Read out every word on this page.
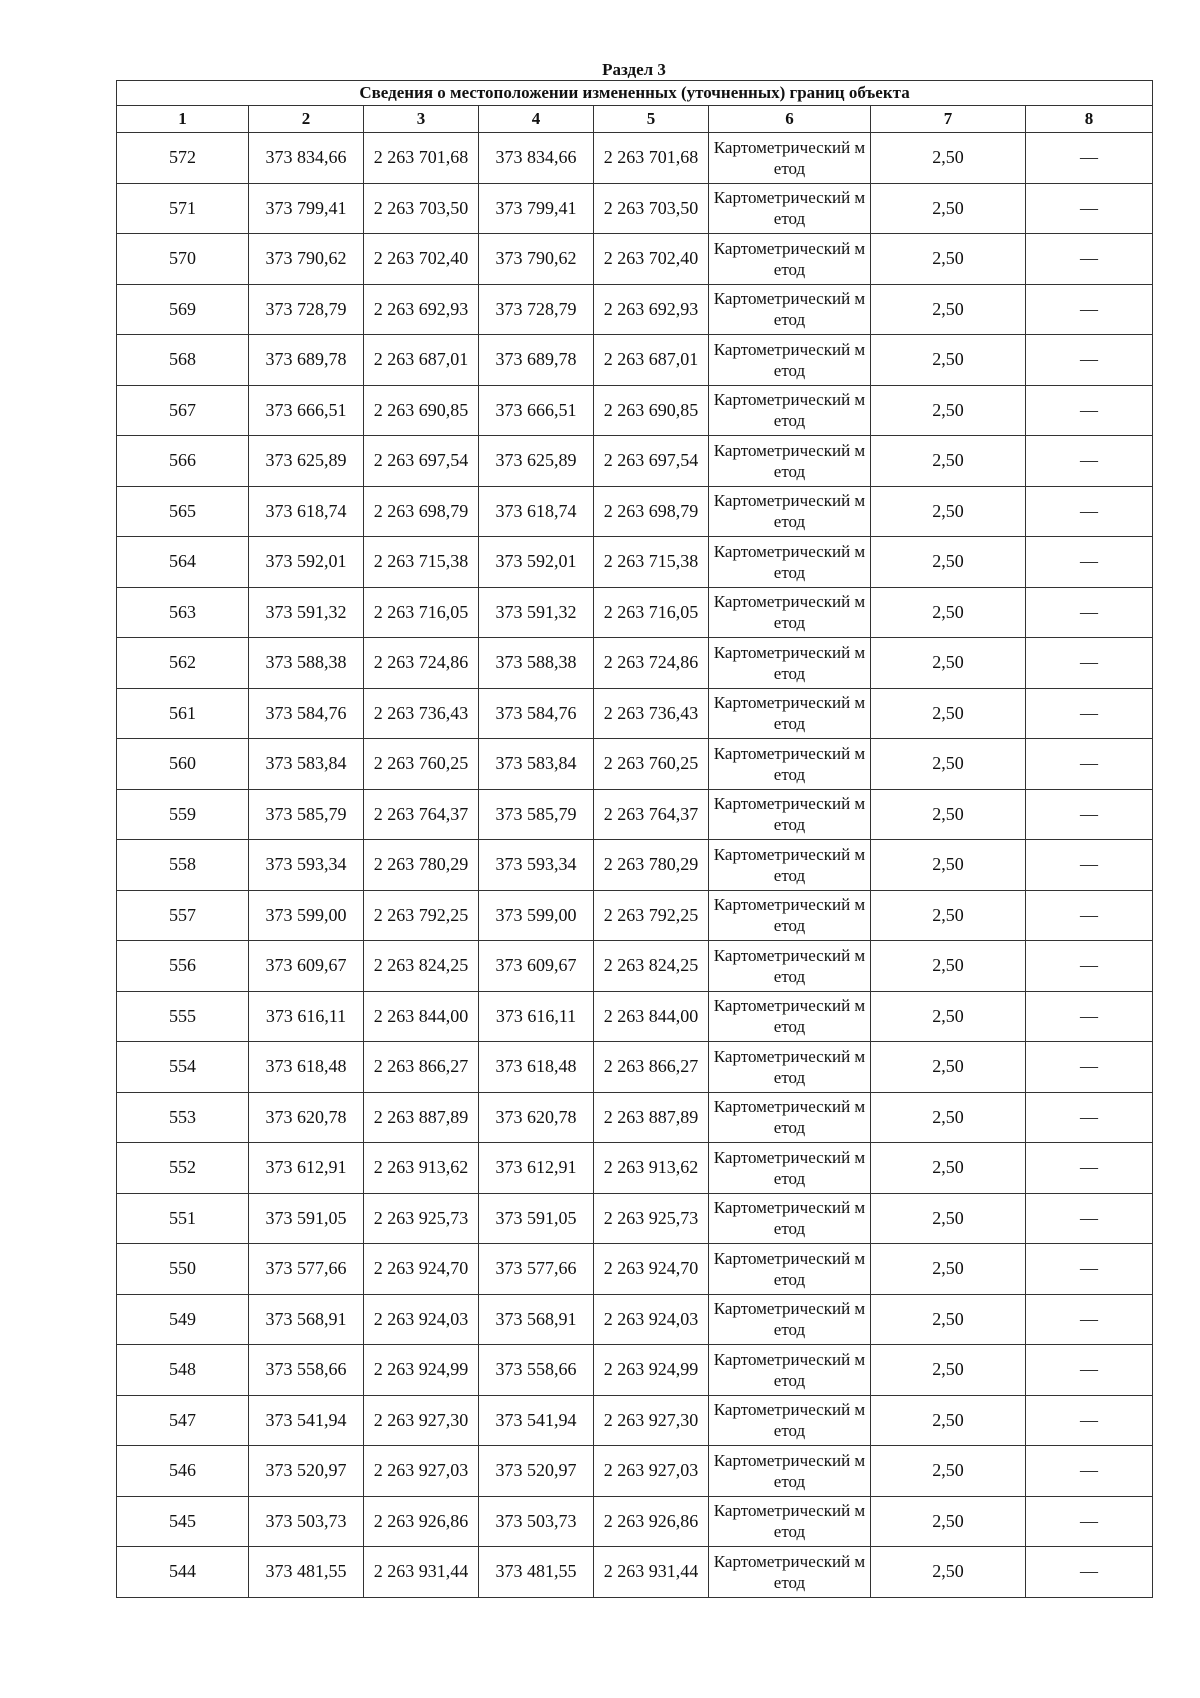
Раздел 3
Сведения о местоположении измененных (уточненных) границ объекта							
1	2	3	4	5	6	7	8
572	373 834,66	2 263 701,68	373 834,66	2 263 701,68	Картометрический метод	2,50	—
571	373 799,41	2 263 703,50	373 799,41	2 263 703,50	Картометрический метод	2,50	—
570	373 790,62	2 263 702,40	373 790,62	2 263 702,40	Картометрический метод	2,50	—
569	373 728,79	2 263 692,93	373 728,79	2 263 692,93	Картометрический метод	2,50	—
568	373 689,78	2 263 687,01	373 689,78	2 263 687,01	Картометрический метод	2,50	—
567	373 666,51	2 263 690,85	373 666,51	2 263 690,85	Картометрический метод	2,50	—
566	373 625,89	2 263 697,54	373 625,89	2 263 697,54	Картометрический метод	2,50	—
565	373 618,74	2 263 698,79	373 618,74	2 263 698,79	Картометрический метод	2,50	—
564	373 592,01	2 263 715,38	373 592,01	2 263 715,38	Картометрический метод	2,50	—
563	373 591,32	2 263 716,05	373 591,32	2 263 716,05	Картометрический метод	2,50	—
562	373 588,38	2 263 724,86	373 588,38	2 263 724,86	Картометрический метод	2,50	—
561	373 584,76	2 263 736,43	373 584,76	2 263 736,43	Картометрический метод	2,50	—
560	373 583,84	2 263 760,25	373 583,84	2 263 760,25	Картометрический метод	2,50	—
559	373 585,79	2 263 764,37	373 585,79	2 263 764,37	Картометрический метод	2,50	—
558	373 593,34	2 263 780,29	373 593,34	2 263 780,29	Картометрический метод	2,50	—
557	373 599,00	2 263 792,25	373 599,00	2 263 792,25	Картометрический метод	2,50	—
556	373 609,67	2 263 824,25	373 609,67	2 263 824,25	Картометрический метод	2,50	—
555	373 616,11	2 263 844,00	373 616,11	2 263 844,00	Картометрический метод	2,50	—
554	373 618,48	2 263 866,27	373 618,48	2 263 866,27	Картометрический метод	2,50	—
553	373 620,78	2 263 887,89	373 620,78	2 263 887,89	Картометрический метод	2,50	—
552	373 612,91	2 263 913,62	373 612,91	2 263 913,62	Картометрический метод	2,50	—
551	373 591,05	2 263 925,73	373 591,05	2 263 925,73	Картометрический метод	2,50	—
550	373 577,66	2 263 924,70	373 577,66	2 263 924,70	Картометрический метод	2,50	—
549	373 568,91	2 263 924,03	373 568,91	2 263 924,03	Картометрический метод	2,50	—
548	373 558,66	2 263 924,99	373 558,66	2 263 924,99	Картометрический метод	2,50	—
547	373 541,94	2 263 927,30	373 541,94	2 263 927,30	Картометрический метод	2,50	—
546	373 520,97	2 263 927,03	373 520,97	2 263 927,03	Картометрический метод	2,50	—
545	373 503,73	2 263 926,86	373 503,73	2 263 926,86	Картометрический метод	2,50	—
544	373 481,55	2 263 931,44	373 481,55	2 263 931,44	Картометрический метод	2,50	—
